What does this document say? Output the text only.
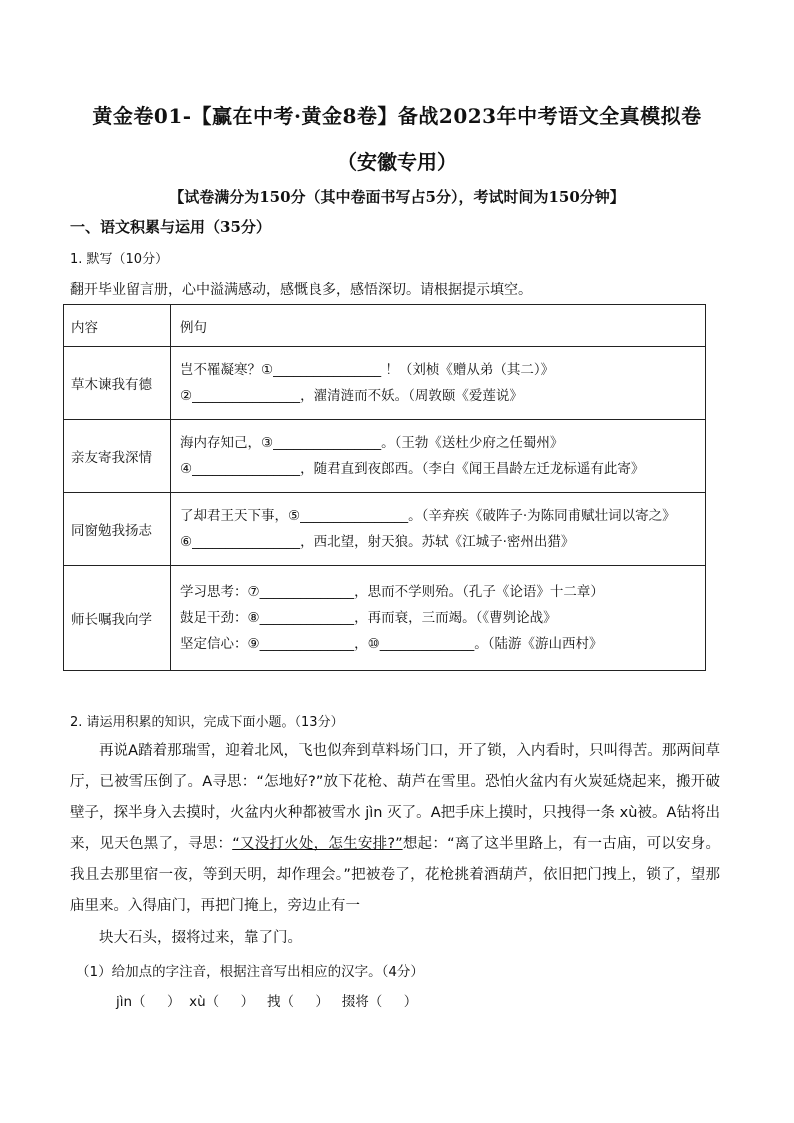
黄金卷01-【赢在中考·黄金8卷】备战2023年中考语文全真模拟卷
（安徽专用）
【试卷满分为150分（其中卷面书写占5分），考试时间为150分钟】
一、语文积累与运用（35分）
1. 默写（10分）
翻开毕业留言册，心中溢满感动，感慨良多，感悟深切。请根据提示填空。
内容	例句
草木谏我有德	岂不罹凝寒？①________________ ！（刘桢《赠从弟（其二）》
②________________，濯清涟而不妖。（周敦颐《爱莲说》

亲友寄我深情	海内存知己，③________________。（王勃《送杜少府之任蜀州》
④________________，随君直到夜郎西。（李白《闻王昌龄左迁龙标遥有此寄》

同窗勉我扬志	了却君王天下事，⑤________________。（辛弃疾《破阵子·为陈同甫赋壮词以寄之》
⑥________________，西北望，射天狼。苏轼《江城子·密州出猎》

师长嘱我向学	学习思考：⑦______________，思而不学则殆。（孔子《论语》十二章）
鼓足干劲：⑧______________，再而衰，三而竭。（《曹刿论战》
坚定信心：⑨______________，⑩______________。（陆游《游山西村》
2. 请运用积累的知识，完成下面小题。（13分）
再说A踏着那瑞雪，迎着北风，飞也似奔到草料场门口，开了锁，入内看时，只叫得苦。那两间草厅，已被雪压倒了。A寻思：“怎地好?”放下花枪、葫芦在雪里。恐怕火盆内有火炭延烧起来，搬开破壁子，探半身入去摸时，火盆内火种都被雪水 jìn 灭了。A把手床上摸时，只拽得一条 xù被。A钻将出来，见天色黑了，寻思：“又没打火处，怎生安排?”想起：“离了这半里路上，有一古庙，可以安身。我且去那里宿一夜，等到天明，却作理会。”把被卷了，花枪挑着酒葫芦，依旧把门拽上，锁了，望那庙里来。入得庙门，再把门掩上，旁边止有一
块大石头，掇将过来，靠了门。
（1）给加点的字注音，根据注音写出相应的汉字。（4分）
jìn（     ）  xù（     ）   拽（     ）   掇将（     ）
